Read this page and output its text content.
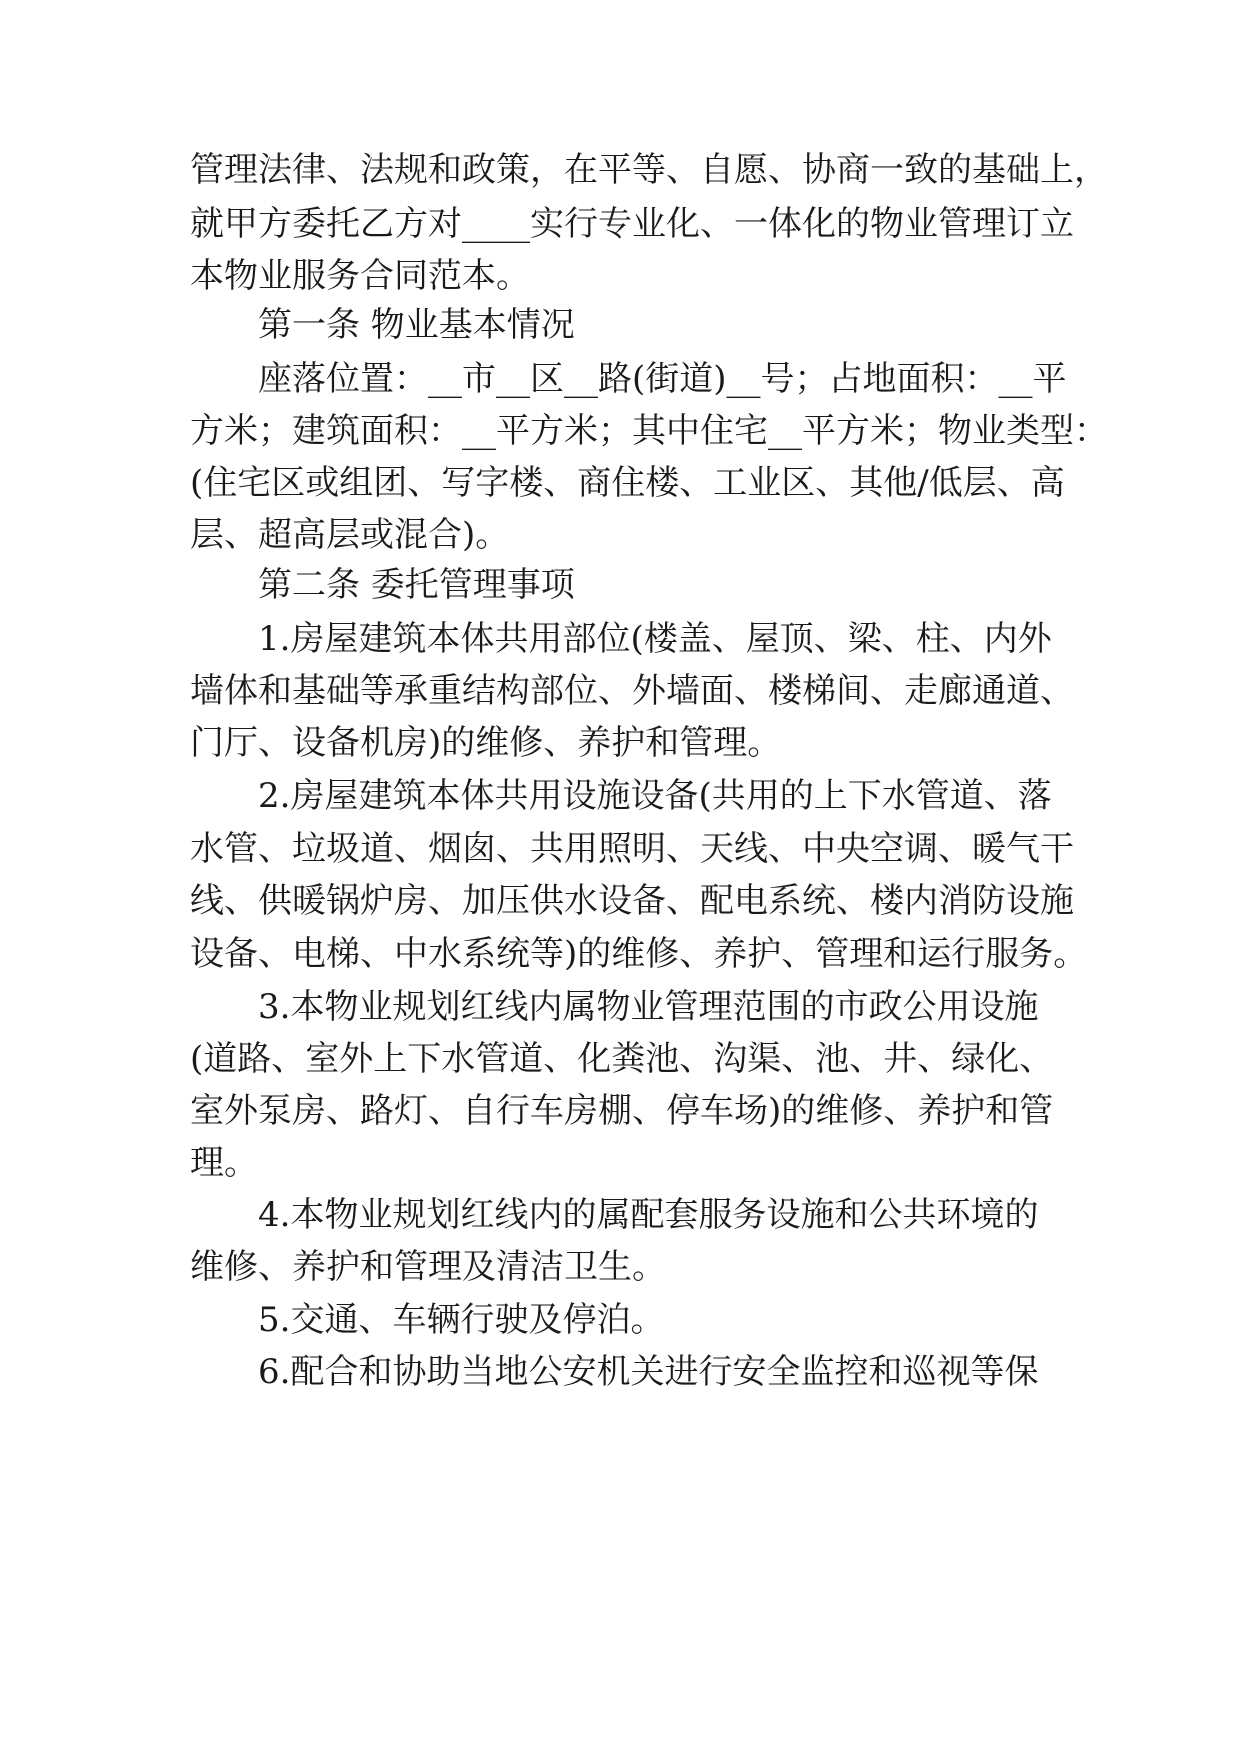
管理法律、法规和政策，在平等、自愿、协商一致的基础上，
就甲方委托乙方对____实行专业化、一体化的物业管理订立
本物业服务合同范本。
第一条 物业基本情况
座落位置：__市__区__路(街道)__号；占地面积：__平
方米；建筑面积：__平方米；其中住宅__平方米；物业类型：
(住宅区或组团、写字楼、商住楼、工业区、其他/低层、高
层、超高层或混合)。
第二条 委托管理事项
1.房屋建筑本体共用部位(楼盖、屋顶、梁、柱、内外
墙体和基础等承重结构部位、外墙面、楼梯间、走廊通道、
门厅、设备机房)的维修、养护和管理。
2.房屋建筑本体共用设施设备(共用的上下水管道、落
水管、垃圾道、烟囱、共用照明、天线、中央空调、暖气干
线、供暖锅炉房、加压供水设备、配电系统、楼内消防设施
设备、电梯、中水系统等)的维修、养护、管理和运行服务。
3.本物业规划红线内属物业管理范围的市政公用设施
(道路、室外上下水管道、化粪池、沟渠、池、井、绿化、
室外泵房、路灯、自行车房棚、停车场)的维修、养护和管
理。
4.本物业规划红线内的属配套服务设施和公共环境的
维修、养护和管理及清洁卫生。
5.交通、车辆行驶及停泊。
6.配合和协助当地公安机关进行安全监控和巡视等保
